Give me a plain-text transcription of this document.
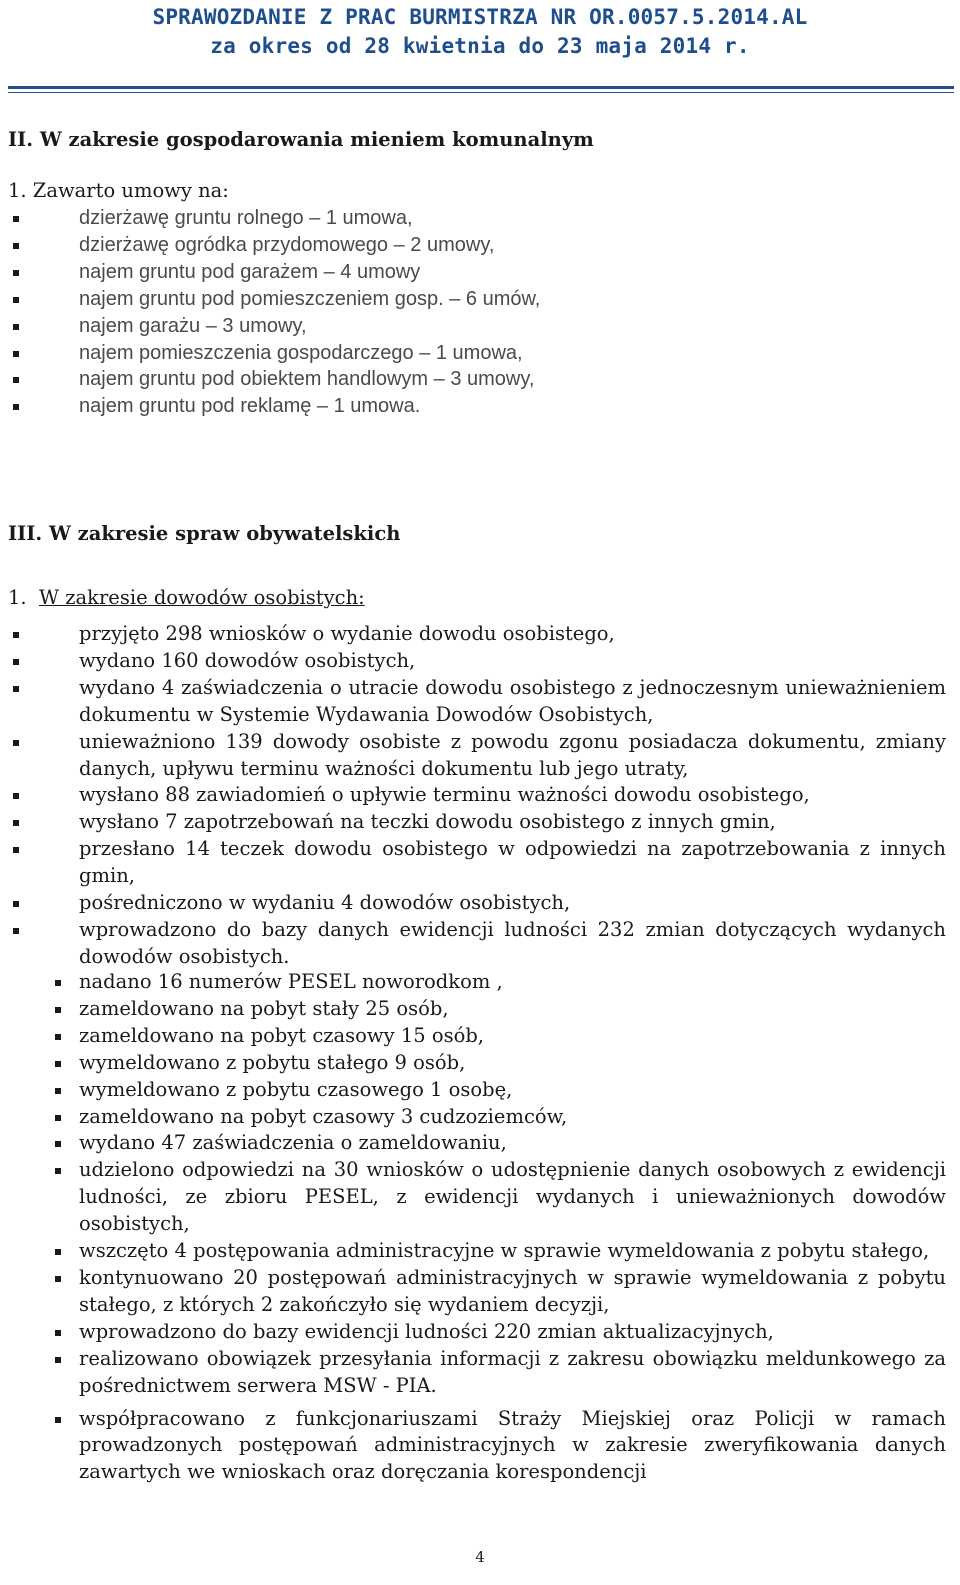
SPRAWOZDANIE Z PRAC BURMISTRZA NR OR.0057.5.2014.AL
za okres od 28 kwietnia do 23 maja 2014 r.
II. W zakresie gospodarowania mieniem komunalnym
1. Zawarto umowy na:
dzierżawę gruntu rolnego – 1 umowa,
dzierżawę ogródka przydomowego – 2 umowy,
najem gruntu pod garażem – 4 umowy
najem gruntu pod pomieszczeniem gosp. – 6 umów,
najem garażu – 3 umowy,
najem pomieszczenia gospodarczego – 1 umowa,
najem gruntu pod obiektem handlowym – 3 umowy,
najem gruntu pod reklamę – 1 umowa.
III. W zakresie spraw obywatelskich
1. W zakresie dowodów osobistych:
przyjęto 298 wniosków o wydanie dowodu osobistego,
wydano 160 dowodów osobistych,
wydano 4 zaświadczenia o utracie dowodu osobistego z jednoczesnym unieważnieniem dokumentu w Systemie Wydawania Dowodów Osobistych,
unieważniono 139 dowody osobiste z powodu zgonu posiadacza dokumentu, zmiany danych, upływu terminu ważności dokumentu lub jego utraty,
wysłano 88 zawiadomień o upływie terminu ważności dowodu osobistego,
wysłano 7 zapotrzebowań na teczki dowodu osobistego z innych gmin,
przesłano 14 teczek dowodu osobistego w odpowiedzi na zapotrzebowania z innych gmin,
pośredniczono w wydaniu 4 dowodów osobistych,
wprowadzono do bazy danych ewidencji ludności 232 zmian dotyczących wydanych dowodów osobistych.
nadano 16 numerów PESEL noworodkom ,
zameldowano na pobyt stały 25 osób,
zameldowano na pobyt czasowy 15 osób,
wymeldowano z pobytu stałego 9 osób,
wymeldowano z pobytu czasowego 1 osobę,
zameldowano na pobyt czasowy 3 cudzoziemców,
wydano 47 zaświadczenia o zameldowaniu,
udzielono odpowiedzi na 30 wniosków o udostępnienie danych osobowych z ewidencji ludności, ze zbioru PESEL, z ewidencji wydanych i unieważnionych dowodów osobistych,
wszczęto 4 postępowania administracyjne w sprawie wymeldowania z pobytu stałego,
kontynuowano 20 postępowań administracyjnych w sprawie wymeldowania z pobytu stałego, z których 2 zakończyło się wydaniem decyzji,
wprowadzono do bazy ewidencji ludności 220 zmian aktualizacyjnych,
realizowano obowiązek przesyłania informacji z zakresu obowiązku meldunkowego za pośrednictwem serwera MSW - PIA.
współpracowano z funkcjonariuszami Straży Miejskiej oraz Policji w ramach prowadzonych postępowań administracyjnych w zakresie zweryfikowania danych zawartych we wnioskach oraz doręczania korespondencji
4
